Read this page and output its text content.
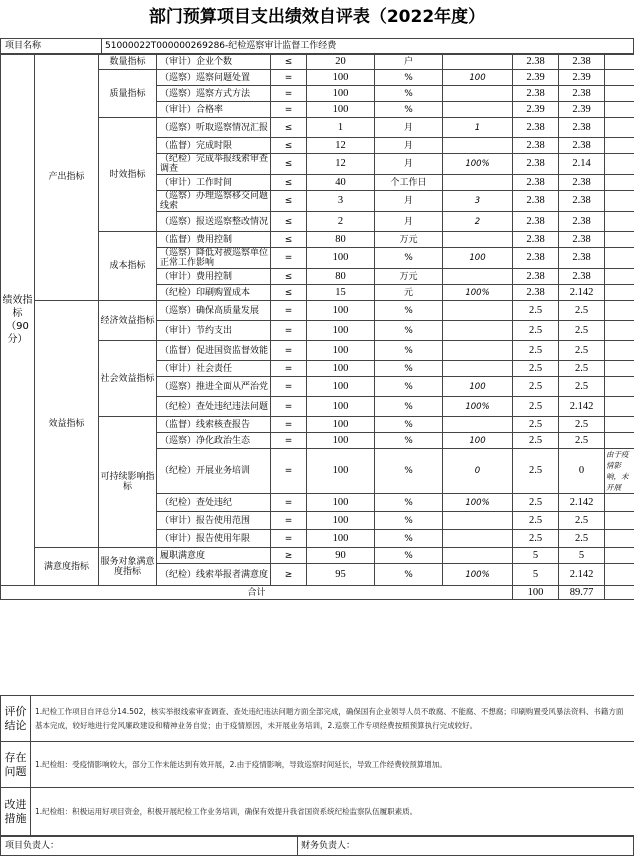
部门预算项目支出绩效自评表（2022年度）
项目名称	51000022T000000269286-纪检巡察审计监督工作经费
绩效指标（90分）	产出指标	数量指标	（审计）企业个数	≤	20	户		2.38	2.38	
		质量指标	（巡察）巡察问题处置	=	100	%	100	2.39	2.39	
			（巡察）巡察方式方法	=	100	%		2.38	2.38	
			（审计）合格率	=	100	%		2.39	2.39	
		时效指标	（巡察）听取巡察情况汇报	≤	1	月	1	2.38	2.38	
			（监督）完成时限	≤	12	月		2.38	2.38	
			（纪检）完成举报线索审查调查	≤	12	月	100%	2.38	2.14	
			（审计）工作时间	≤	40	个工作日		2.38	2.38	
			（巡察）办理巡察移交问题线索	≤	3	月	3	2.38	2.38	
			（巡察）报送巡察整改情况	≤	2	月	2	2.38	2.38	
		成本指标	（监督）费用控制	≤	80	万元		2.38	2.38	
			（巡察）降低对被巡察单位正常工作影响	=	100	%	100	2.38	2.38	
			（审计）费用控制	≤	80	万元		2.38	2.38	
			（纪检）印刷购置成本	≤	15	元	100%	2.38	2.142	
	效益指标	经济效益指标	（巡察）确保高质量发展	=	100	%		2.5	2.5	
			（审计）节约支出	=	100	%		2.5	2.5	
		社会效益指标	（监督）促进国资监督效能	=	100	%		2.5	2.5	
			（审计）社会责任	=	100	%		2.5	2.5	
			（巡察）推进全面从严治党	=	100	%	100	2.5	2.5	
			（纪检）查处违纪违法问题	=	100	%	100%	2.5	2.142	
		可持续影响指标	（监督）线索核查报告	=	100	%		2.5	2.5	
			（巡察）净化政治生态	=	100	%	100	2.5	2.5	
			（纪检）开展业务培训	=	100	%	0	2.5	0	由于疫情影响，未开展
			（纪检）查处违纪	=	100	%	100%	2.5	2.142	
			（审计）报告使用范围	=	100	%		2.5	2.5	
			（审计）报告使用年限	=	100	%		2.5	2.5	
	满意度指标	服务对象满意度指标	履职满意度	≥	90	%		5	5	
			（纪检）线索举报者满意度	≥	95	%	100%	5	2.142	
合计								100	89.77	
评价结论	1.纪检工作项目自评总分14.502，核实举报线索审查调查、查处违纪违法问题方面全部完成，确保国有企业领导人员不敢腐、不能腐、不想腐；印刷购置受风暴法资料、书籍方面基本完成，较好地进行党风廉政建设和精神业务自觉；由于疫情原因，未开展业务培训，2.巡察工作专项经费按照预算执行完成较好。
存在问题	1.纪检组：受疫情影响较大，部分工作未能达到有效开展，2.由于疫情影响，导致巡察时间延长，导致工作经费较预算增加。
改进措施	1.纪检组：积极运用好项目资金，积极开展纪检工作业务培训，确保有效提升我省国资系统纪检监察队伍履职素质。
项目负责人：	财务负责人：
